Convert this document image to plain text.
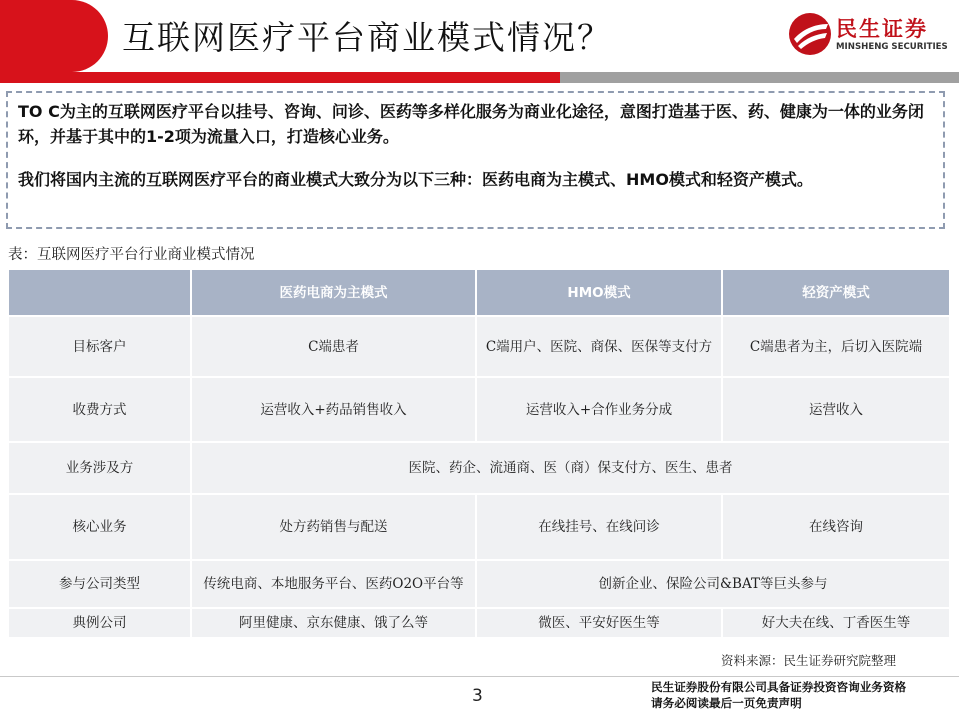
互联网医疗平台商业模式情况？	民生证券
MINSHENG SECURITIES

TO C为主的互联网医疗平台以挂号、咨询、问诊、医药等多样化服务为商业化途径，意图打造基于医、药、健康为一体的业务闭环，并基于其中的1-2项为流量入口，打造核心业务。

我们将国内主流的互联网医疗平台的商业模式大致分为以下三种：医药电商为主模式、HMO模式和轻资产模式。

表：互联网医疗平台行业商业模式情况
	医药电商为主模式	HMO模式	轻资产模式
目标客户	C端患者	C端用户、医院、商保、医保等支付方	C端患者为主，后切入医院端
收费方式	运营收入+药品销售收入	运营收入+合作业务分成	运营收入
业务涉及方	医院、药企、流通商、医（商）保支付方、医生、患者		
核心业务	处方药销售与配送	在线挂号、在线问诊	在线咨询
参与公司类型	传统电商、本地服务平台、医药O2O平台等	创新企业、保险公司&BAT等巨头参与	
典例公司	阿里健康、京东健康、饿了么等	微医、平安好医生等	好大夫在线、丁香医生等
资料来源：民生证券研究院整理
3	民生证券股份有限公司具备证券投资咨询业务资格
请务必阅读最后一页免责声明
